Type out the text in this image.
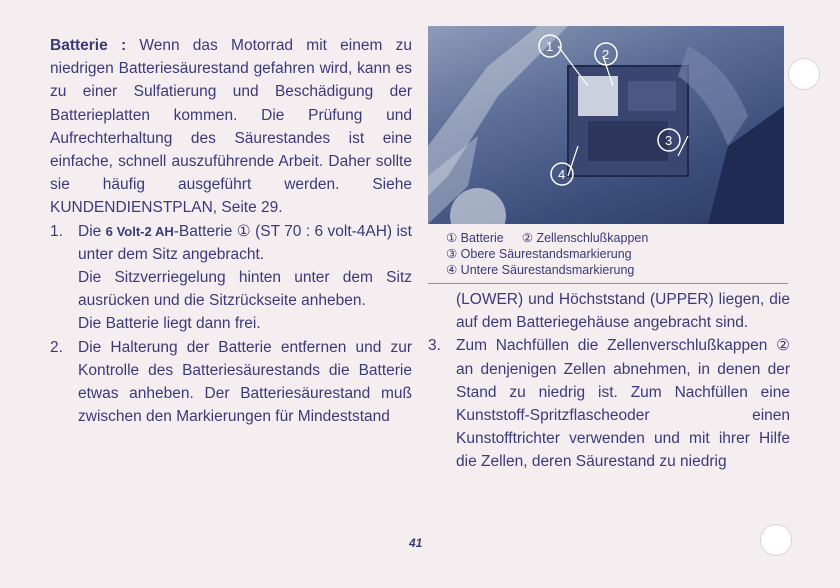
Batterie : Wenn das Motorrad mit einem zu niedrigen Batteriesäurestand gefahren wird, kann es zu einer Sulfatierung und Beschädigung der Batterieplatten kommen. Die Prüfung und Aufrechterhaltung des Säurestandes ist eine einfache, schnell auszuführende Arbeit. Daher sollte sie häufig ausgeführt werden. Siehe KUNDENDIENSTPLAN, Seite 29.

1. Die 6 Volt-2 AH-Batterie ① (ST 70 : 6 volt-4AH) ist unter dem Sitz angebracht.

Die Sitzverriegelung hinten unter dem Sitz ausrücken und die Sitzrückseite anheben.

Die Batterie liegt dann frei.

2. Die Halterung der Batterie entfernen und zur Kontrolle des Batteriesäurestands die Batterie etwas anheben. Der Batteriesäurestand muß zwischen den Markierungen für Mindeststand

1
2
3
4
① Batterie ② Zellenschlußkappen
③ Obere Säurestandsmarkierung
④ Untere Säurestandsmarkierung

(LOWER) und Höchststand (UPPER) liegen, die auf dem Batteriegehäuse angebracht sind.

3. Zum Nachfüllen die Zellenverschlußkappen ② an denjenigen Zellen abnehmen, in denen der Stand zu niedrig ist. Zum Nachfüllen eine Kunststoff-Spritzflascheoder einen Kunstofftrichter verwenden und mit ihrer Hilfe die Zellen, deren Säurestand zu niedrig
41
